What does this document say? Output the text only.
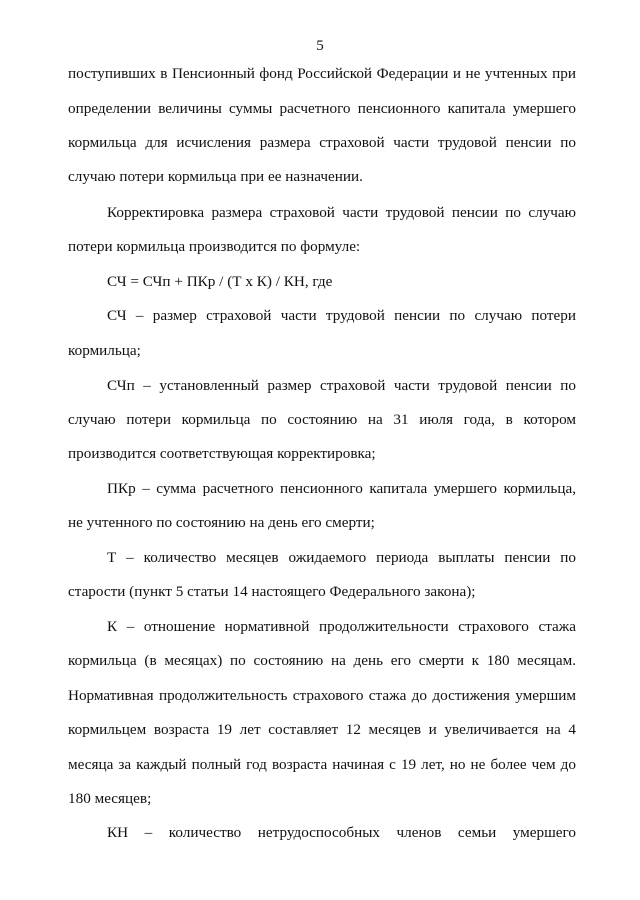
5
поступивших в Пенсионный фонд Российской Федерации и не учтенных при
определении величины суммы расчетного пенсионного капитала умершего
кормильца для исчисления размера страховой части трудовой пенсии по
случаю потери кормильца при ее назначении.
Корректировка размера страховой части трудовой пенсии по случаю
потери кормильца производится по формуле:
СЧ = СЧп + ПКр / (Т х К) / КН, где
СЧ – размер страховой части трудовой пенсии по случаю потери
кормильца;
СЧп – установленный размер страховой части трудовой пенсии по
случаю потери кормильца по состоянию на 31 июля года, в котором
производится соответствующая корректировка;
ПКр – сумма расчетного пенсионного капитала умершего кормильца,
не учтенного по состоянию на день его смерти;
Т – количество месяцев ожидаемого периода выплаты пенсии по
старости (пункт 5 статьи 14 настоящего Федерального закона);
К – отношение нормативной продолжительности страхового стажа
кормильца (в месяцах) по состоянию на день его смерти к 180 месяцам.
Нормативная продолжительность страхового стажа до достижения умершим
кормильцем возраста 19 лет составляет 12 месяцев и увеличивается на 4
месяца за каждый полный год возраста начиная с 19 лет, но не более чем до
180 месяцев;
КН – количество нетрудоспособных членов семьи умершего
